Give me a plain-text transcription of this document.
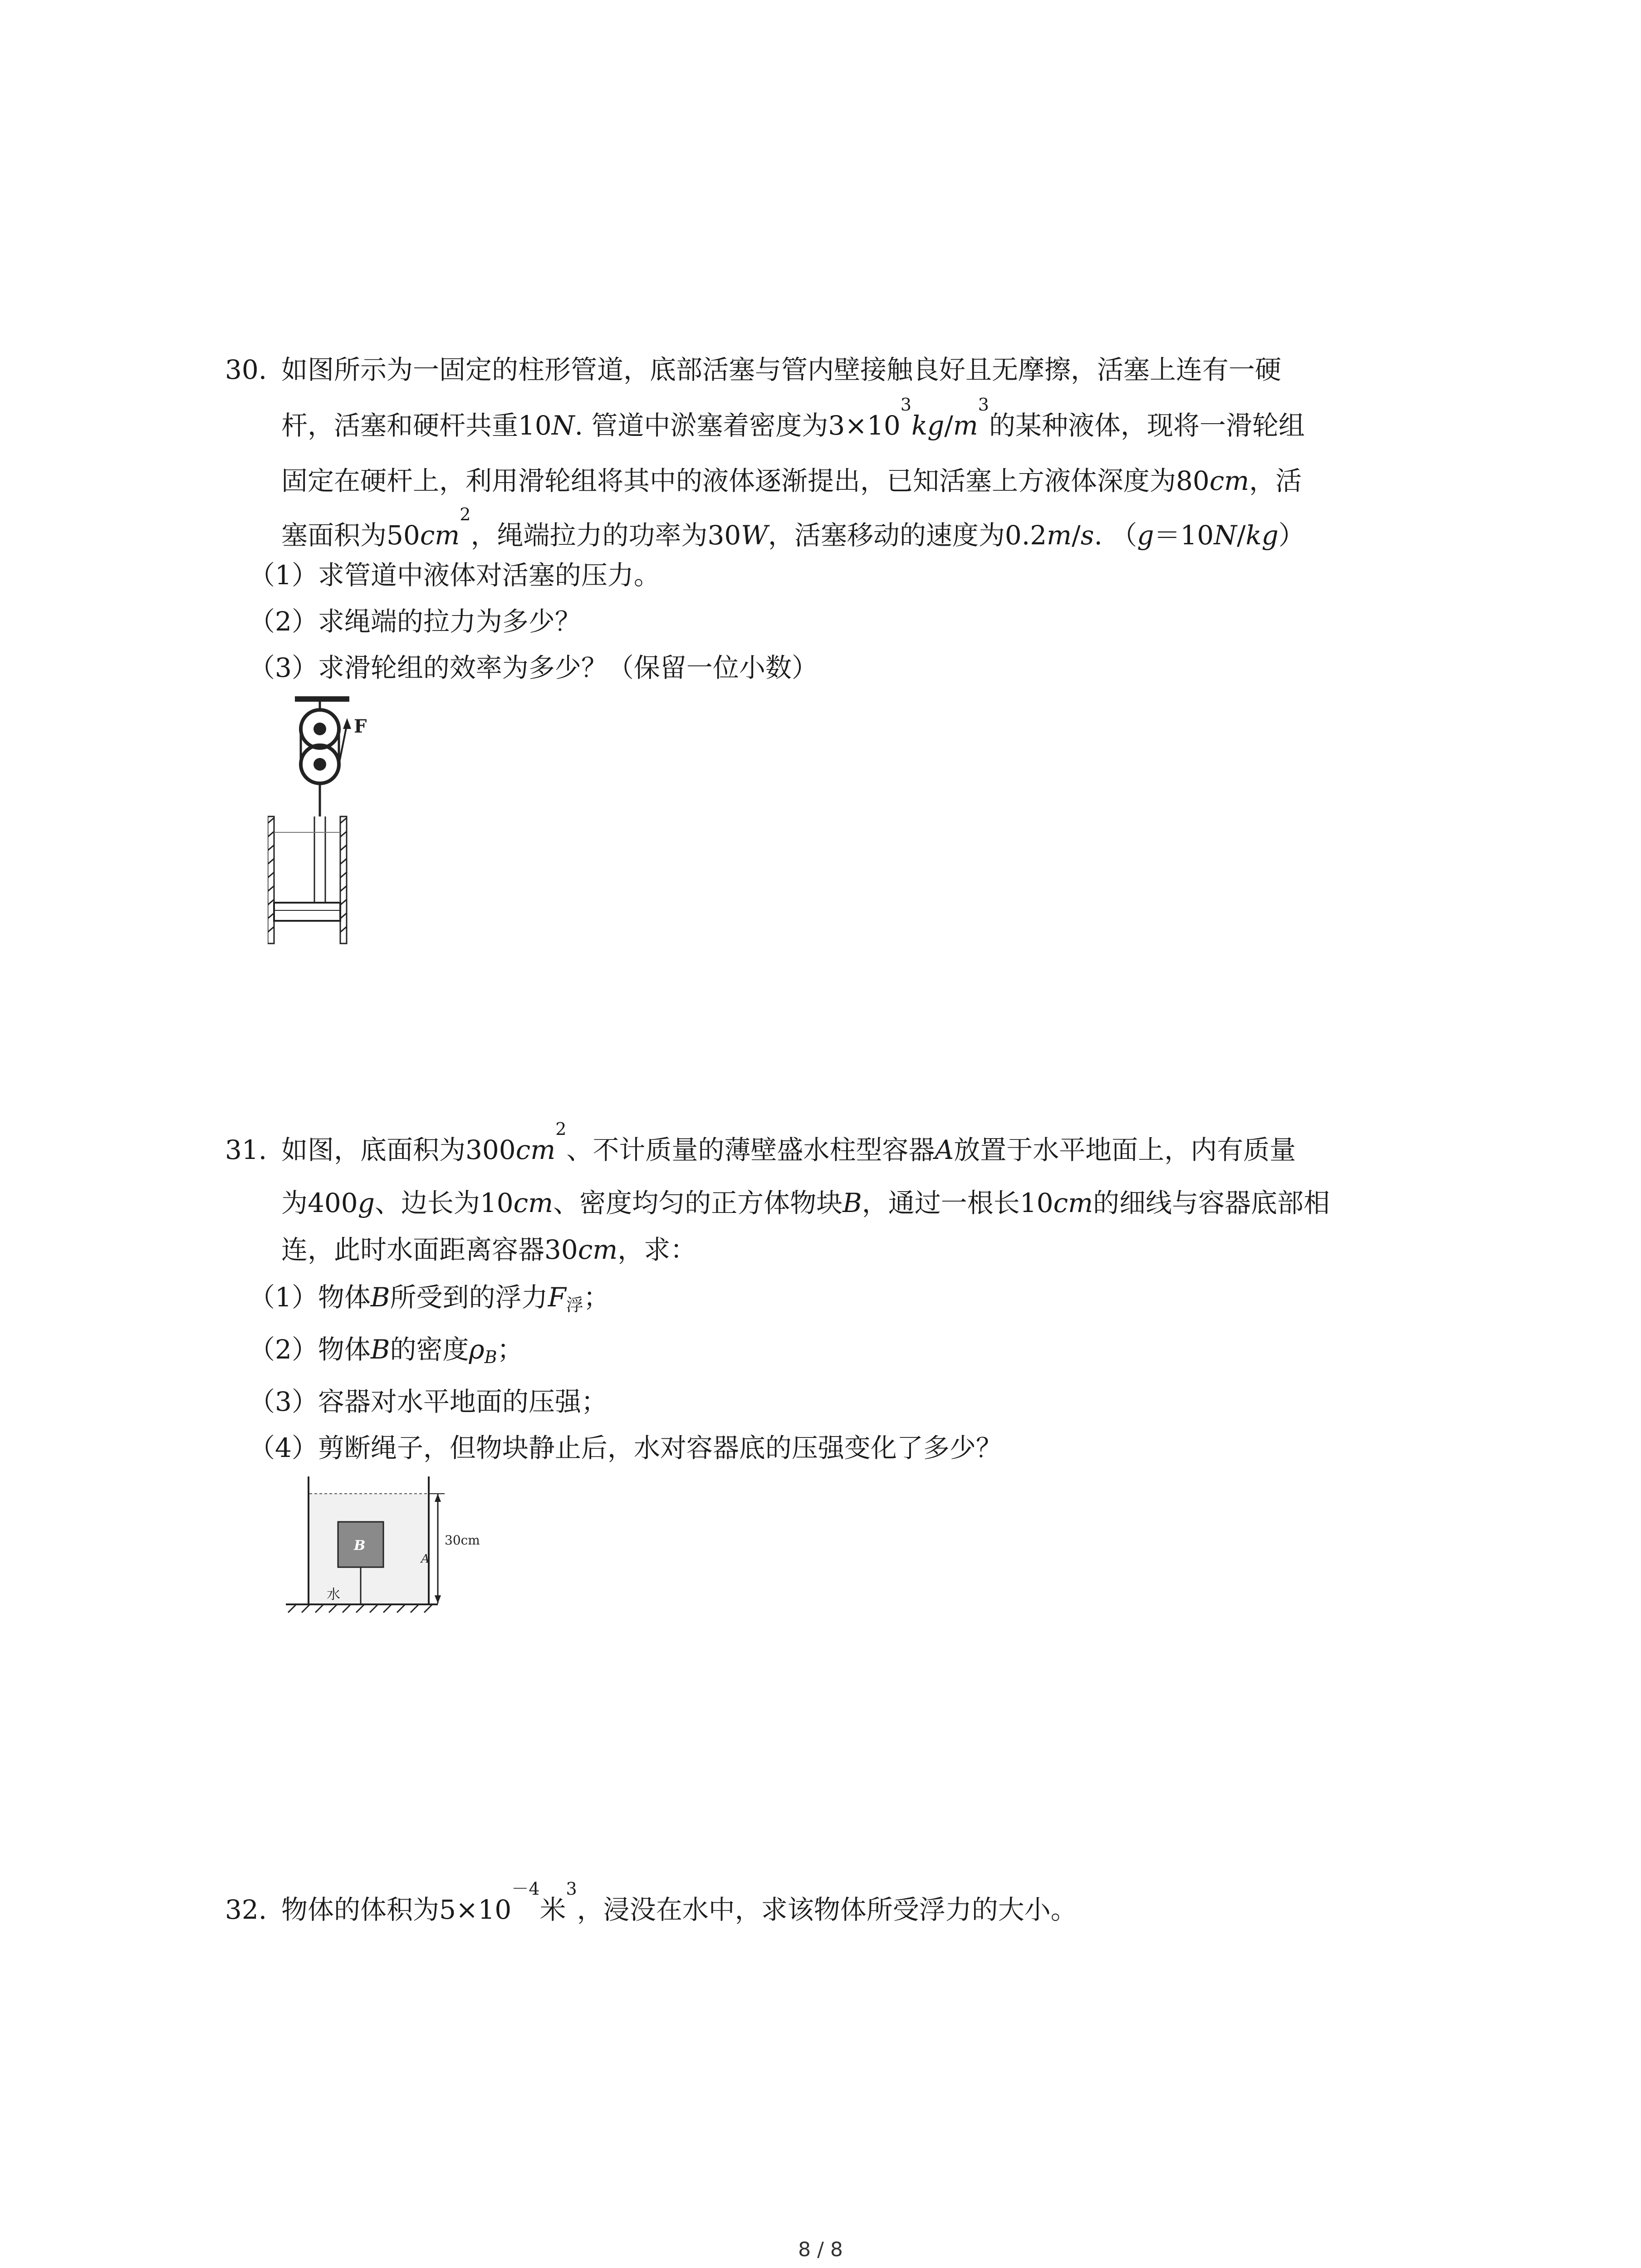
30. 如图所示为一固定的柱形管道，底部活塞与管内壁接触良好且无摩擦，活塞上连有一硬
杆，活塞和硬杆共重10N. 管道中淤塞着密度为$3\times 10^3kg/m^3$的某种液体，现将一滑轮组
固定在硬杆上，利用滑轮组将其中的液体逐渐提出，已知活塞上方液体深度为80cm，活
塞面积为$50cm^2$，绳端拉力的功率为30W，活塞移动的速度为0.2m/s. （g＝10N/kg）
（1）求管道中液体对活塞的压力。
（2）求绳端的拉力为多少？
（3）求滑轮组的效率为多少？（保留一位小数）
F
31. 如图，底面积为$300cm^2$、不计质量的薄壁盛水柱型容器A放置于水平地面上，内有质量
为400g、边长为10cm、密度均匀的正方体物块B，通过一根长10cm的细线与容器底部相
连，此时水面距离容器30cm，求：
（1）物体B所受到的浮力$F_浮$；
（2）物体B的密度$\rho_B$；
（3）容器对水平地面的压强；
（4）剪断绳子，但物块静止后，水对容器底的压强变化了多少？
B
水
A
30cm
32. 物体的体积为$5\times 10^{-4}$米$^3$，浸没在水中，求该物体所受浮力的大小。
8 / 8
